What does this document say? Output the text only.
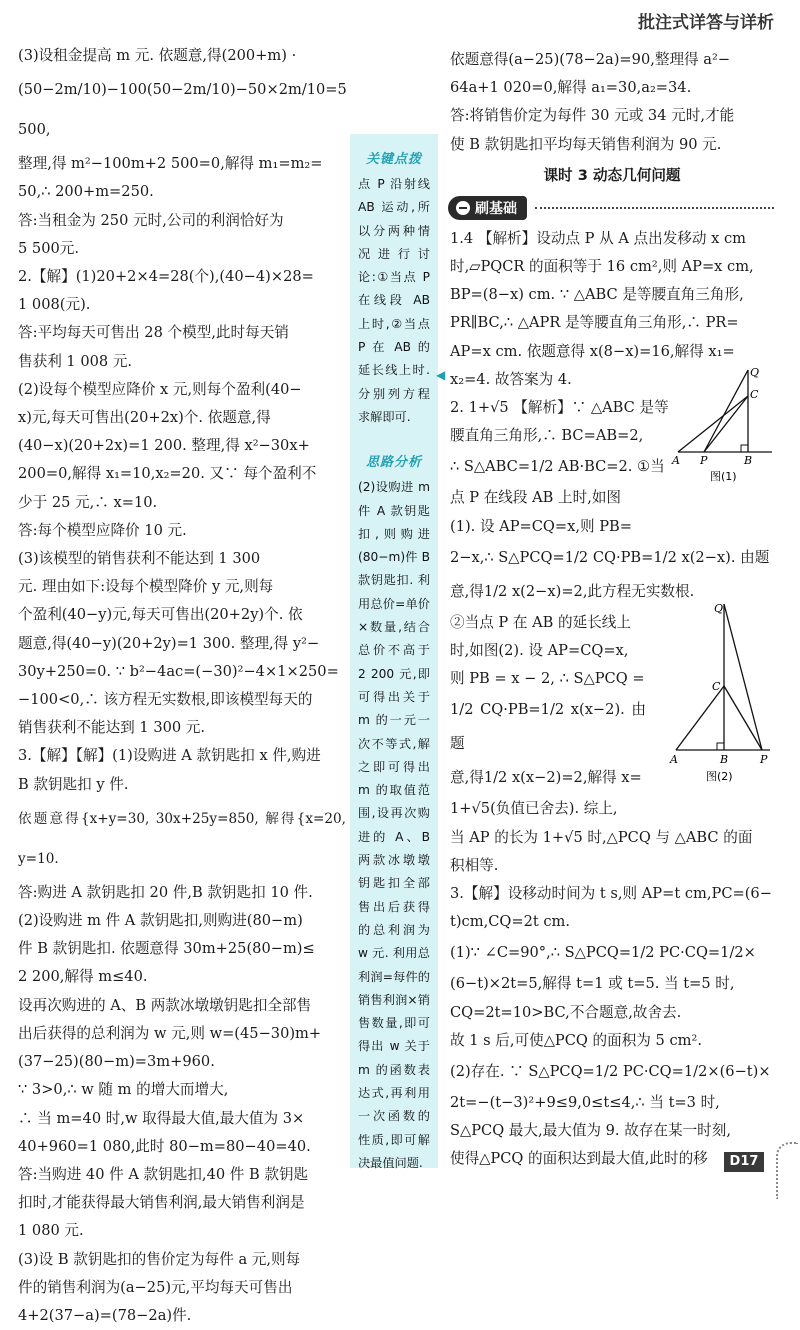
批注式详答与详析

(3)设租金提高 m 元. 依题意,得(200+m) ·

(50−2m/10)−100(50−2m/10)−50×2m/10=5 500,

整理,得 m²−100m+2 500=0,解得 m₁=m₂=

50,∴ 200+m=250.

答:当租金为 250 元时,公司的利润恰好为

5 500元.

2.【解】(1)20+2×4=28(个),(40−4)×28=

1 008(元).

答:平均每天可售出 28 个模型,此时每天销

售获利 1 008 元.

(2)设每个模型应降价 x 元,则每个盈利(40−

x)元,每天可售出(20+2x)个. 依题意,得

(40−x)(20+2x)=1 200. 整理,得 x²−30x+

200=0,解得 x₁=10,x₂=20. 又∵ 每个盈利不

少于 25 元,∴ x=10.

答:每个模型应降价 10 元.

(3)该模型的销售获利不能达到 1 300

元. 理由如下:设每个模型降价 y 元,则每

个盈利(40−y)元,每天可售出(20+2y)个. 依

题意,得(40−y)(20+2y)=1 300. 整理,得 y²−

30y+250=0. ∵ b²−4ac=(−30)²−4×1×250=

−100<0,∴ 该方程无实数根,即该模型每天的

销售获利不能达到 1 300 元.

3.【解】【解】(1)设购进 A 款钥匙扣 x 件,购进

B 款钥匙扣 y 件.

依题意得{x+y=30, 30x+25y=850, 解得{x=20, y=10.

答:购进 A 款钥匙扣 20 件,B 款钥匙扣 10 件.

(2)设购进 m 件 A 款钥匙扣,则购进(80−m)

件 B 款钥匙扣. 依题意得 30m+25(80−m)≤

2 200,解得 m≤40.

设再次购进的 A、B 两款冰墩墩钥匙扣全部售

出后获得的总利润为 w 元,则 w=(45−30)m+

(37−25)(80−m)=3m+960.

∵ 3>0,∴ w 随 m 的增大而增大,

∴ 当 m=40 时,w 取得最大值,最大值为 3×

40+960=1 080,此时 80−m=80−40=40.

答:当购进 40 件 A 款钥匙扣,40 件 B 款钥匙

扣时,才能获得最大销售利润,最大销售利润是

1 080 元.

(3)设 B 款钥匙扣的售价定为每件 a 元,则每

件的销售利润为(a−25)元,平均每天可售出

4+2(37−a)=(78−2a)件.

关键点拨
点 P 沿射线 AB 运动,所以分两种情况进行讨论:①当点 P 在线段 AB 上时,②当点 P 在 AB 的延长线上时. 分别列方程求解即可.
思路分析
(2)设购进 m 件 A 款钥匙扣,则购进(80−m)件 B 款钥匙扣. 利用总价=单价×数量,结合总价不高于 2 200 元,即可得出关于 m 的一元一次不等式,解之即可得出 m 的取值范围,设再次购进的 A、B 两款冰墩墩钥匙扣全部售出后获得的总利润为 w 元. 利用总利润=每件的销售利润×销售数量,即可得出 w 关于 m 的函数表达式,再利用一次函数的性质,即可解决最值问题.
◀

依题意得(a−25)(78−2a)=90,整理得 a²−

64a+1 020=0,解得 a₁=30,a₂=34.

答:将销售价定为每件 30 元或 34 元时,才能

使 B 款钥匙扣平均每天销售利润为 90 元.

课时 3 动态几何问题
刷基础

1.4 【解析】设动点 P 从 A 点出发移动 x cm

时,▱PQCR 的面积等于 16 cm²,则 AP=x cm,

BP=(8−x) cm. ∵ △ABC 是等腰直角三角形,

PR∥BC,∴ △APR 是等腰直角三角形,∴ PR=

AP=x cm. 依题意得 x(8−x)=16,解得 x₁=

x₂=4. 故答案为 4.

2. 1+√5 【解析】∵ △ABC 是等

腰直角三角形,∴ BC=AB=2,

∴ S△ABC=1/2 AB·BC=2. ①当

点 P 在线段 AB 上时,如图

(1). 设 AP=CQ=x,则 PB=

2−x,∴ S△PCQ=1/2 CQ·PB=1/2 x(2−x). 由题

意,得1/2 x(2−x)=2,此方程无实数根.

②当点 P 在 AB 的延长线上

时,如图(2). 设 AP=CQ=x,

则 PB = x − 2, ∴ S△PCQ =

1/2 CQ·PB=1/2 x(x−2). 由题

意,得1/2 x(x−2)=2,解得 x=

1+√5(负值已舍去). 综上,

当 AP 的长为 1+√5 时,△PCQ 与 △ABC 的面

积相等.

3.【解】设移动时间为 t s,则 AP=t cm,PC=(6−

t)cm,CQ=2t cm.

(1)∵ ∠C=90°,∴ S△PCQ=1/2 PC·CQ=1/2×

(6−t)×2t=5,解得 t=1 或 t=5. 当 t=5 时,

CQ=2t=10>BC,不合题意,故舍去.

故 1 s 后,可使△PCQ 的面积为 5 cm².

(2)存在. ∵ S△PCQ=1/2 PC·CQ=1/2×(6−t)×

2t=−(t−3)²+9≤9,0≤t≤4,∴ 当 t=3 时,

S△PCQ 最大,最大值为 9. 故存在某一时刻,

使得△PCQ 的面积达到最大值,此时的移

Q
C
A P	B
图(1)
Q
C
A	B	P
图(2)
D17
